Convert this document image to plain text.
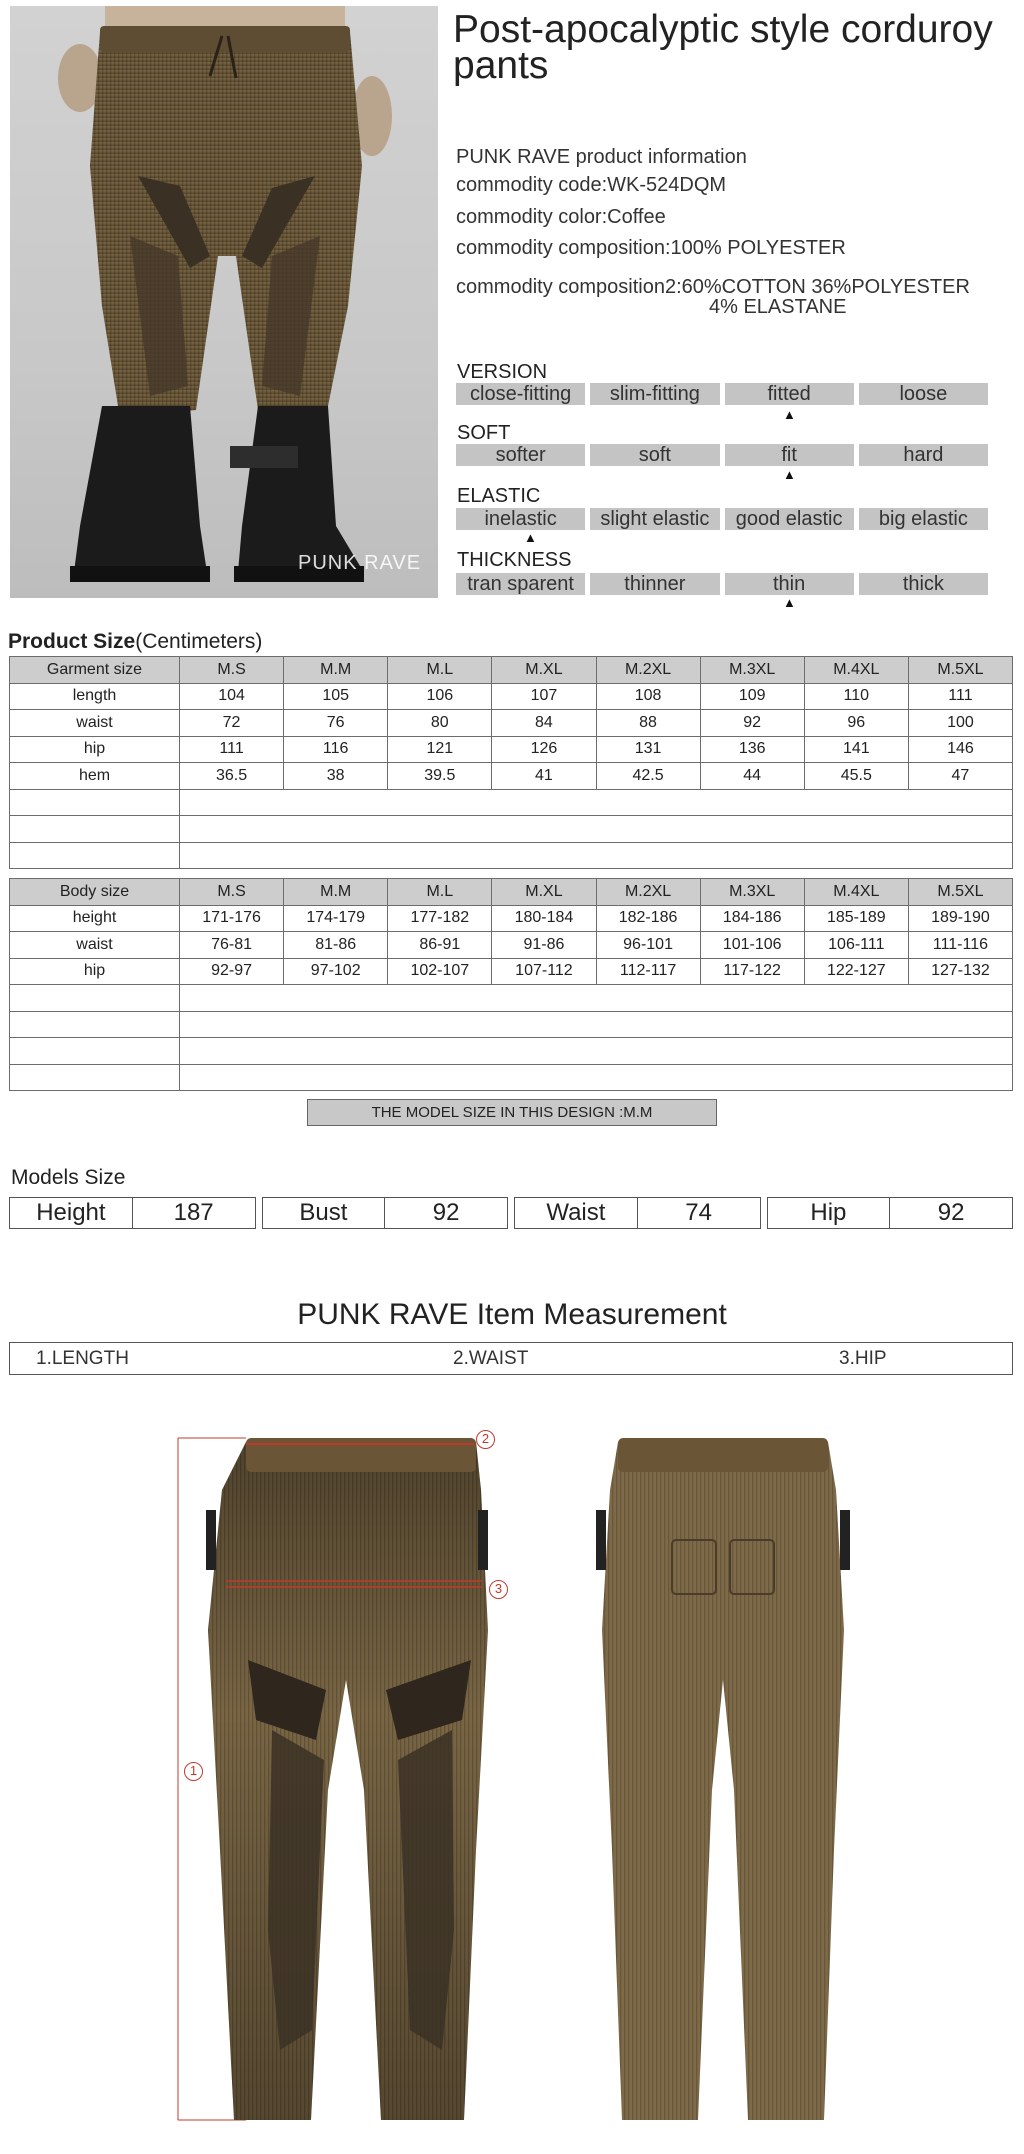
PUNK RAVE
Post-apocalyptic style corduroy pants
PUNK RAVE product information
commodity code:WK-524DQM
commodity color:Coffee
commodity composition:100% POLYESTER
commodity composition2:60%COTTON 36%POLYESTER
4% ELASTANE
VERSION
close-fitting	slim-fitting	fitted	loose
▲
SOFT
softer	soft	fit	hard
▲
ELASTIC
inelastic	slight elastic	good elastic	big elastic
▲
THICKNESS
tran sparent	thinner	thin	thick
▲
Product Size(Centimeters)
Garment size	M.S	M.M	M.L	M.XL	M.2XL	M.3XL	M.4XL	M.5XL
length	104	105	106	107	108	109	110	111
waist	72	76	80	84	88	92	96	100
hip	111	116	121	126	131	136	141	146
hem	36.5	38	39.5	41	42.5	44	45.5	47

Body size	M.S	M.M	M.L	M.XL	M.2XL	M.3XL	M.4XL	M.5XL
height	171-176	174-179	177-182	180-184	182-186	184-186	185-189	189-190
waist	76-81	81-86	86-91	91-86	96-101	101-106	106-111	111-116
hip	92-97	97-102	102-107	107-112	112-117	117-122	122-127	127-132

THE MODEL SIZE IN THIS DESIGN :M.M
Models Size
Height	187	Bust	92	Waist	74	Hip	92
PUNK RAVE Item Measurement
1.LENGTH	2.WAIST	3.HIP
1
2
3
